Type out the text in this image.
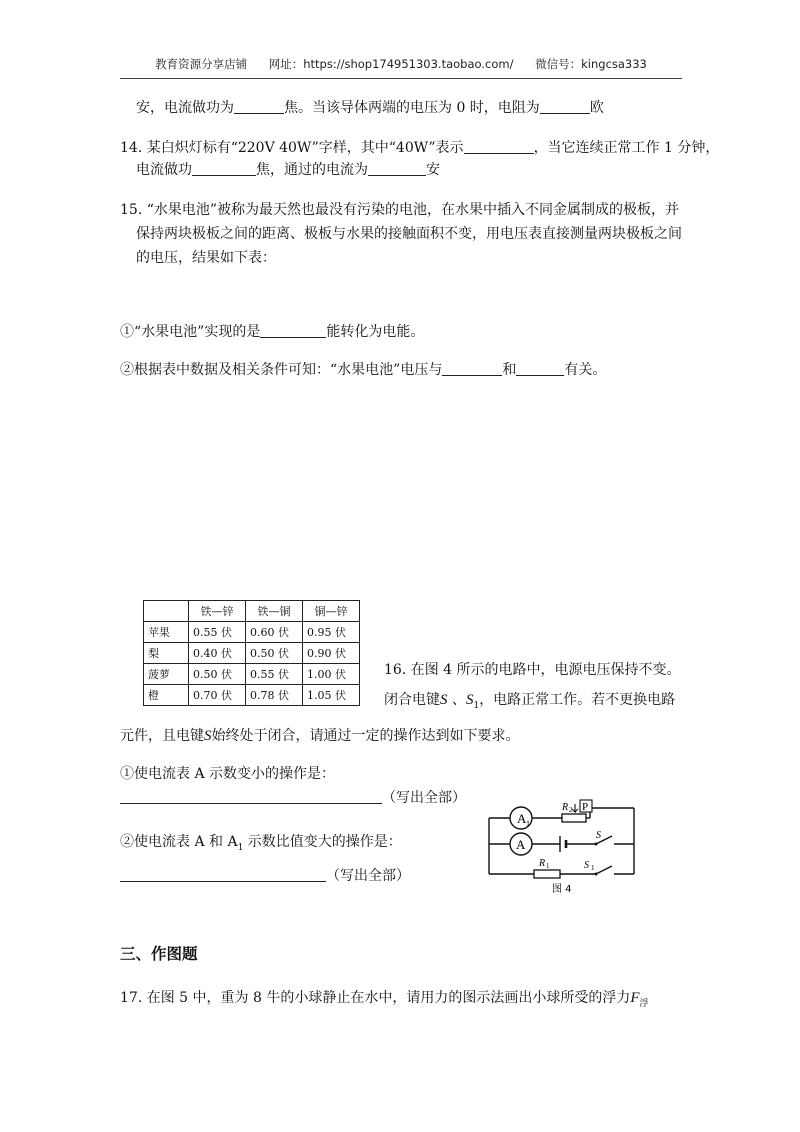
教育资源分享店铺 网址：https://shop174951303.taobao.com/ 微信号：kingcsa333
安，电流做功为	焦。当该导体两端的电压为 0 时，电阻为	欧
14. 某白炽灯标有“220V 40W”字样，其中“40W”表示	，当它连续正常工作 1 分钟，
电流做功	焦，通过的电流为	安
15. “水果电池”被称为最天然也最没有污染的电池，在水果中插入不同金属制成的极板，并
保持两块极板之间的距离、极板与水果的接触面积不变，用电压表直接测量两块极板之间
的电压，结果如下表：
①“水果电池”实现的是	能转化为电能。
②根据表中数据及相关条件可知：“水果电池”电压与	和	有关。
	铁—锌	铁—铜	铜—锌
苹果	0.55 伏	0.60 伏	0.95 伏
梨	0.40 伏	0.50 伏	0.90 伏
菠萝	0.50 伏	0.55 伏	1.00 伏
橙	0.70 伏	0.78 伏	1.05 伏
16. 在图 4 所示的电路中，电源电压保持不变。
闭合电键S 、$S_1$，电路正常工作。若不更换电路
元件，且电键S始终处于闭合，请通过一定的操作达到如下要求。
①使电流表 A 示数变小的操作是：
（写出全部）
②使电流表 A 和 $A_1$ 示数比值变大的操作是：
（写出全部）
A 1
R 2 P
A
S
R 1	S 1
图 4
三、作图题
17. 在图 5 中，重为 8 牛的小球静止在水中，请用力的图示法画出小球所受的浮力$F_浮$
